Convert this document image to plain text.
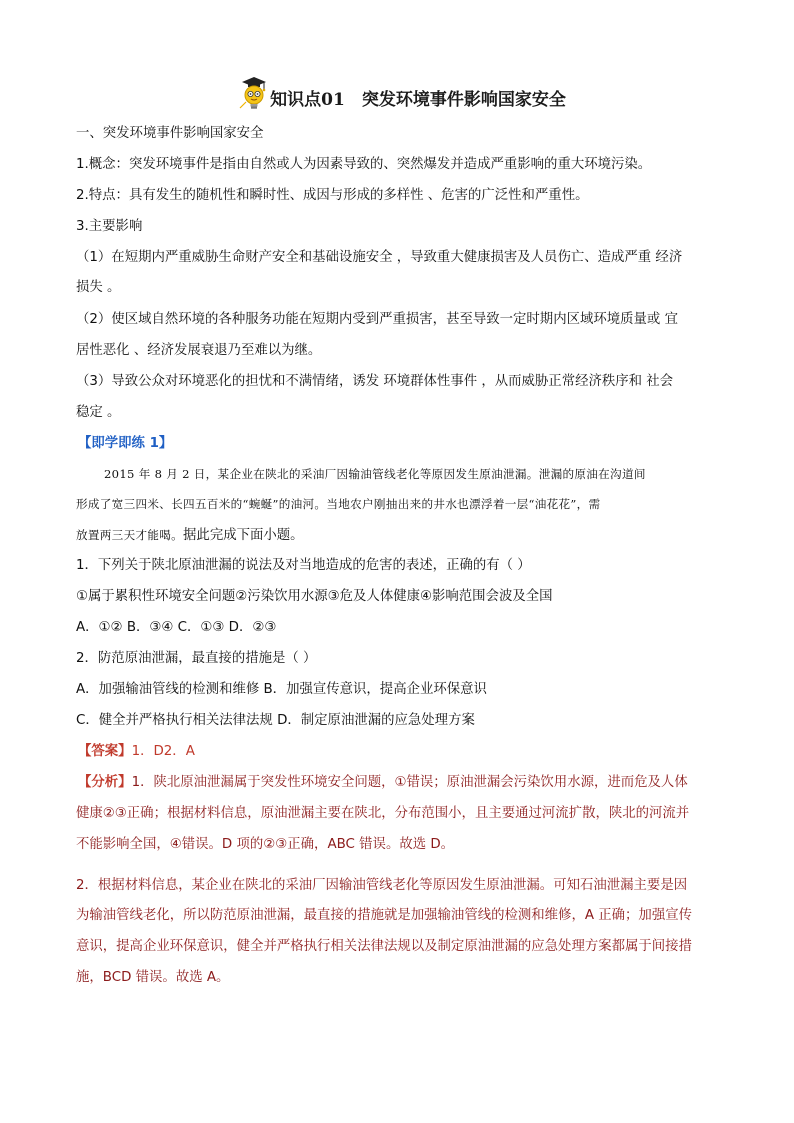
知识点01　突发环境事件影响国家安全
一、突发环境事件影响国家安全
1.概念：突发环境事件是指由自然或人为因素导致的、突然爆发并造成严重影响的重大环境污染。
2.特点：具有发生的随机性和瞬时性、成因与形成的多样性 、危害的广泛性和严重性。
3.主要影响
（1）在短期内严重威胁生命财产安全和基础设施安全 ，导致重大健康损害及人员伤亡、造成严重 经济
损失 。
（2）使区域自然环境的各种服务功能在短期内受到严重损害，甚至导致一定时期内区域环境质量或 宜
居性恶化 、经济发展衰退乃至难以为继。
（3）导致公众对环境恶化的担忧和不满情绪，诱发 环境群体性事件 ，从而威胁正常经济秩序和 社会
稳定 。
【即学即练 1】
2015 年 8 月 2 日，某企业在陕北的采油厂因输油管线老化等原因发生原油泄漏。泄漏的原油在沟道间
形成了宽三四米、长四五百米的“蜿蜒”的油河。当地农户刚抽出来的井水也漂浮着一层“油花花”，需
放置两三天才能喝。据此完成下面小题。
1．下列关于陕北原油泄漏的说法及对当地造成的危害的表述，正确的有（ ）
①属于累积性环境安全问题②污染饮用水源③危及人体健康④影响范围会波及全国
A．①② B．③④ C．①③ D．②③
2．防范原油泄漏，最直接的措施是（ ）
A．加强输油管线的检测和维修 B．加强宣传意识，提高企业环保意识
C．健全并严格执行相关法律法规 D．制定原油泄漏的应急处理方案
【答案】1．D2．A
【分析】1．陕北原油泄漏属于突发性环境安全问题，①错误；原油泄漏会污染饮用水源，进而危及人体
健康②③正确；根据材料信息，原油泄漏主要在陕北，分布范围小，且主要通过河流扩散，陕北的河流并
不能影响全国，④错误。D 项的②③正确，ABC 错误。故选 D。
2．根据材料信息，某企业在陕北的采油厂因输油管线老化等原因发生原油泄漏。可知石油泄漏主要是因
为输油管线老化，所以防范原油泄漏，最直接的措施就是加强输油管线的检测和维修，A 正确；加强宣传
意识，提高企业环保意识，健全并严格执行相关法律法规以及制定原油泄漏的应急处理方案都属于间接措
施，BCD 错误。故选 A。
